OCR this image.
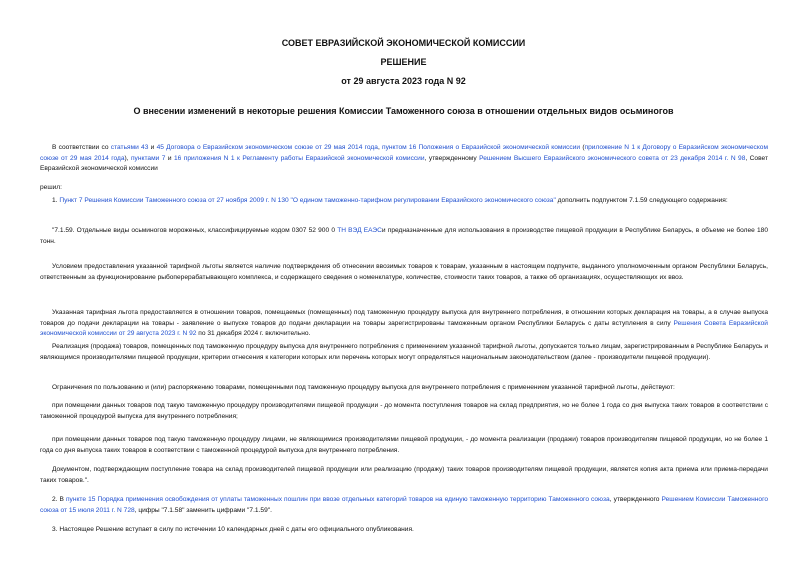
СОВЕТ ЕВРАЗИЙСКОЙ ЭКОНОМИЧЕСКОЙ КОМИССИИ
РЕШЕНИЕ
от 29 августа 2023 года N 92
О внесении изменений в некоторые решения Комиссии Таможенного союза в отношении отдельных видов осьминогов
В соответствии со статьями 43 и 45 Договора о Евразийском экономическом союзе от 29 мая 2014 года, пунктом 16 Положения о Евразийской экономической комиссии (приложение N 1 к Договору о Евразийском экономическом союзе от 29 мая 2014 года), пунктами 7 и 16 приложения N 1 к Регламенту работы Евразийской экономической комиссии, утвержденному Решением Высшего Евразийского экономического совета от 23 декабря 2014 г. N 98, Совет Евразийской экономической комиссии
решил:
1. Пункт 7 Решения Комиссии Таможенного союза от 27 ноября 2009 г. N 130 "О едином таможенно-тарифном регулировании Евразийского экономического союза" дополнить подпунктом 7.1.59 следующего содержания:
"7.1.59. Отдельные виды осьминогов мороженых, классифицируемые кодом 0307 52 900 0 ТН ВЭД ЕАЭСи предназначенные для использования в производстве пищевой продукции в Республике Беларусь, в объеме не более 180 тонн.
Условием предоставления указанной тарифной льготы является наличие подтверждения об отнесении ввозимых товаров к товарам, указанным в настоящем подпункте, выданного уполномоченным органом Республики Беларусь, ответственным за функционирование рыбоперерабатывающего комплекса, и содержащего сведения о номенклатуре, количестве, стоимости таких товаров, а также об организациях, осуществляющих их ввоз.
Указанная тарифная льгота предоставляется в отношении товаров, помещаемых (помещенных) под таможенную процедуру выпуска для внутреннего потребления, в отношении которых декларация на товары, а в случае выпуска товаров до подачи декларации на товары - заявление о выпуске товаров до подачи декларации на товары зарегистрированы таможенным органом Республики Беларусь с даты вступления в силу Решения Совета Евразийской экономической комиссии от 29 августа 2023 г. N 92 по 31 декабря 2024 г. включительно.
Реализация (продажа) товаров, помещенных под таможенную процедуру выпуска для внутреннего потребления с применением указанной тарифной льготы, допускается только лицам, зарегистрированным в Республике Беларусь и являющимся производителями пищевой продукции, критерии отнесения к категории которых или перечень которых могут определяться национальным законодательством (далее - производители пищевой продукции).
Ограничения по пользованию и (или) распоряжению товарами, помещенными под таможенную процедуру выпуска для внутреннего потребления с применением указанной тарифной льготы, действуют:
при помещении данных товаров под такую таможенную процедуру производителями пищевой продукции - до момента поступления товаров на склад предприятия, но не более 1 года со дня выпуска таких товаров в соответствии с таможенной процедурой выпуска для внутреннего потребления;
при помещении данных товаров под такую таможенную процедуру лицами, не являющимися производителями пищевой продукции, - до момента реализации (продажи) товаров производителям пищевой продукции, но не более 1 года со дня выпуска таких товаров в соответствии с таможенной процедурой выпуска для внутреннего потребления.
Документом, подтверждающим поступление товара на склад производителей пищевой продукции или реализацию (продажу) таких товаров производителям пищевой продукции, является копия акта приема или приема-передачи таких товаров.".
2. В пункте 15 Порядка применения освобождения от уплаты таможенных пошлин при ввозе отдельных категорий товаров на единую таможенную территорию Таможенного союза, утвержденного Решением Комиссии Таможенного союза от 15 июля 2011 г. N 728, цифры "7.1.58" заменить цифрами "7.1.59".
3. Настоящее Решение вступает в силу по истечении 10 календарных дней с даты его официального опубликования.
